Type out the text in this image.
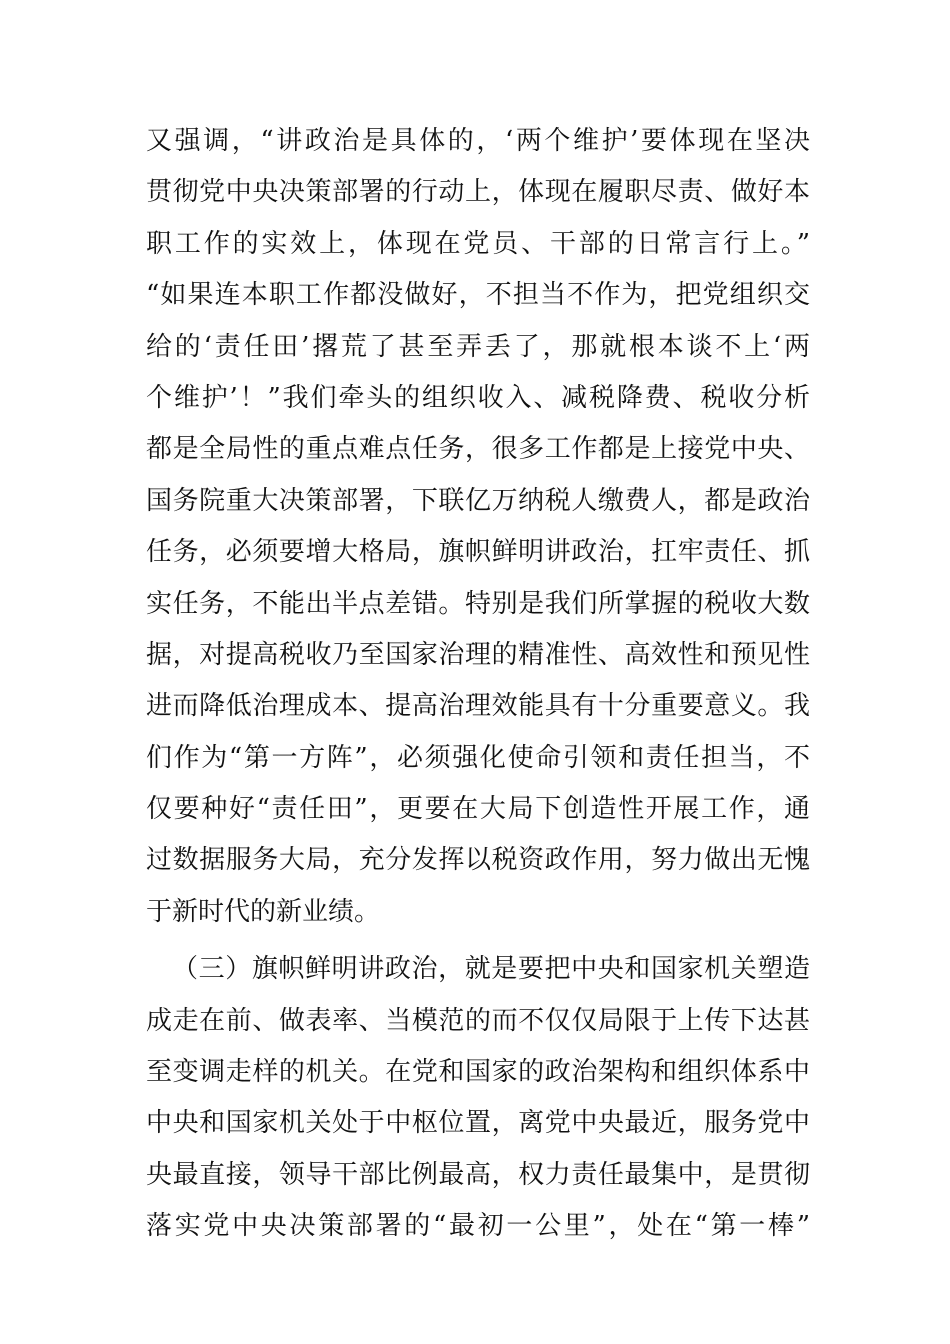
又强调，“讲政治是具体的，‘两个维护’要体现在坚决
贯彻党中央决策部署的行动上，体现在履职尽责、做好本
职工作的实效上，体现在党员、干部的日常言行上。”
“如果连本职工作都没做好，不担当不作为，把党组织交
给的‘责任田’撂荒了甚至弄丢了，那就根本谈不上‘两
个维护’！”我们牵头的组织收入、减税降费、税收分析
都是全局性的重点难点任务，很多工作都是上接党中央、
国务院重大决策部署，下联亿万纳税人缴费人，都是政治
任务，必须要增大格局，旗帜鲜明讲政治，扛牢责任、抓
实任务，不能出半点差错。特别是我们所掌握的税收大数
据，对提高税收乃至国家治理的精准性、高效性和预见性
进而降低治理成本、提高治理效能具有十分重要意义。我
们作为“第一方阵”，必须强化使命引领和责任担当，不
仅要种好“责任田”，更要在大局下创造性开展工作，通
过数据服务大局，充分发挥以税资政作用，努力做出无愧
于新时代的新业绩。
（三）旗帜鲜明讲政治，就是要把中央和国家机关塑造
成走在前、做表率、当模范的而不仅仅局限于上传下达甚
至变调走样的机关。在党和国家的政治架构和组织体系中
中央和国家机关处于中枢位置，离党中央最近，服务党中
央最直接，领导干部比例最高，权力责任最集中，是贯彻
落实党中央决策部署的“最初一公里”，处在“第一棒”
